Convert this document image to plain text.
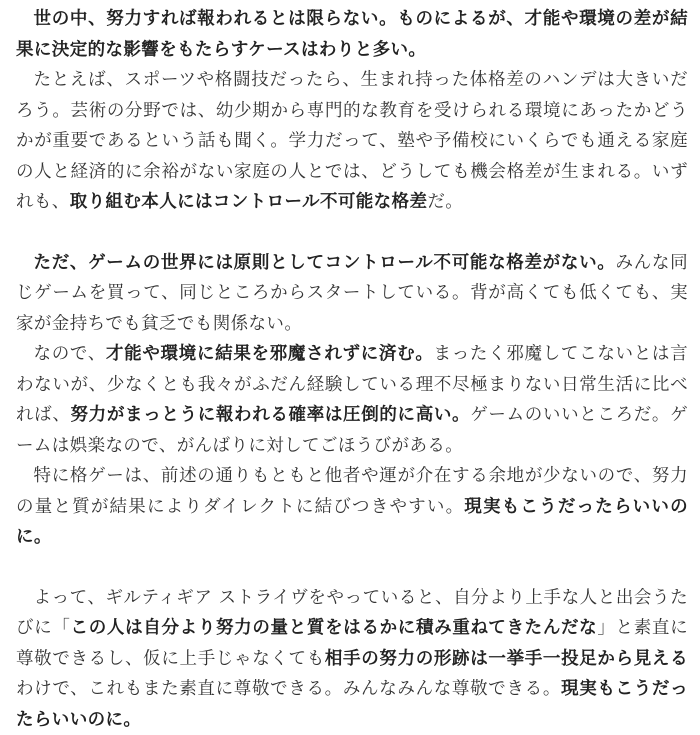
世の中、努力すれば報われるとは限らない。ものによるが、才能や環境の差が結果に決定的な影響をもたらすケースはわりと多い。

たとえば、スポーツや格闘技だったら、生まれ持った体格差のハンデは大きいだろう。芸術の分野では、幼少期から専門的な教育を受けられる環境にあったかどうかが重要であるという話も聞く。学力だって、塾や予備校にいくらでも通える家庭の人と経済的に余裕がない家庭の人とでは、どうしても機会格差が生まれる。いずれも、取り組む本人にはコントロール不可能な格差だ。

ただ、ゲームの世界には原則としてコントロール不可能な格差がない。みんな同じゲームを買って、同じところからスタートしている。背が高くても低くても、実家が金持ちでも貧乏でも関係ない。

なので、才能や環境に結果を邪魔されずに済む。まったく邪魔してこないとは言わないが、少なくとも我々がふだん経験している理不尽極まりない日常生活に比べれば、努力がまっとうに報われる確率は圧倒的に高い。ゲームのいいところだ。ゲームは娯楽なので、がんばりに対してごほうびがある。

特に格ゲーは、前述の通りもともと他者や運が介在する余地が少ないので、努力の量と質が結果によりダイレクトに結びつきやすい。現実もこうだったらいいのに。

よって、ギルティギア ストライヴをやっていると、自分より上手な人と出会うたびに「この人は自分より努力の量と質をはるかに積み重ねてきたんだな」と素直に尊敬できるし、仮に上手じゃなくても相手の努力の形跡は一挙手一投足から見えるわけで、これもまた素直に尊敬できる。みんなみんな尊敬できる。現実もこうだったらいいのに。
